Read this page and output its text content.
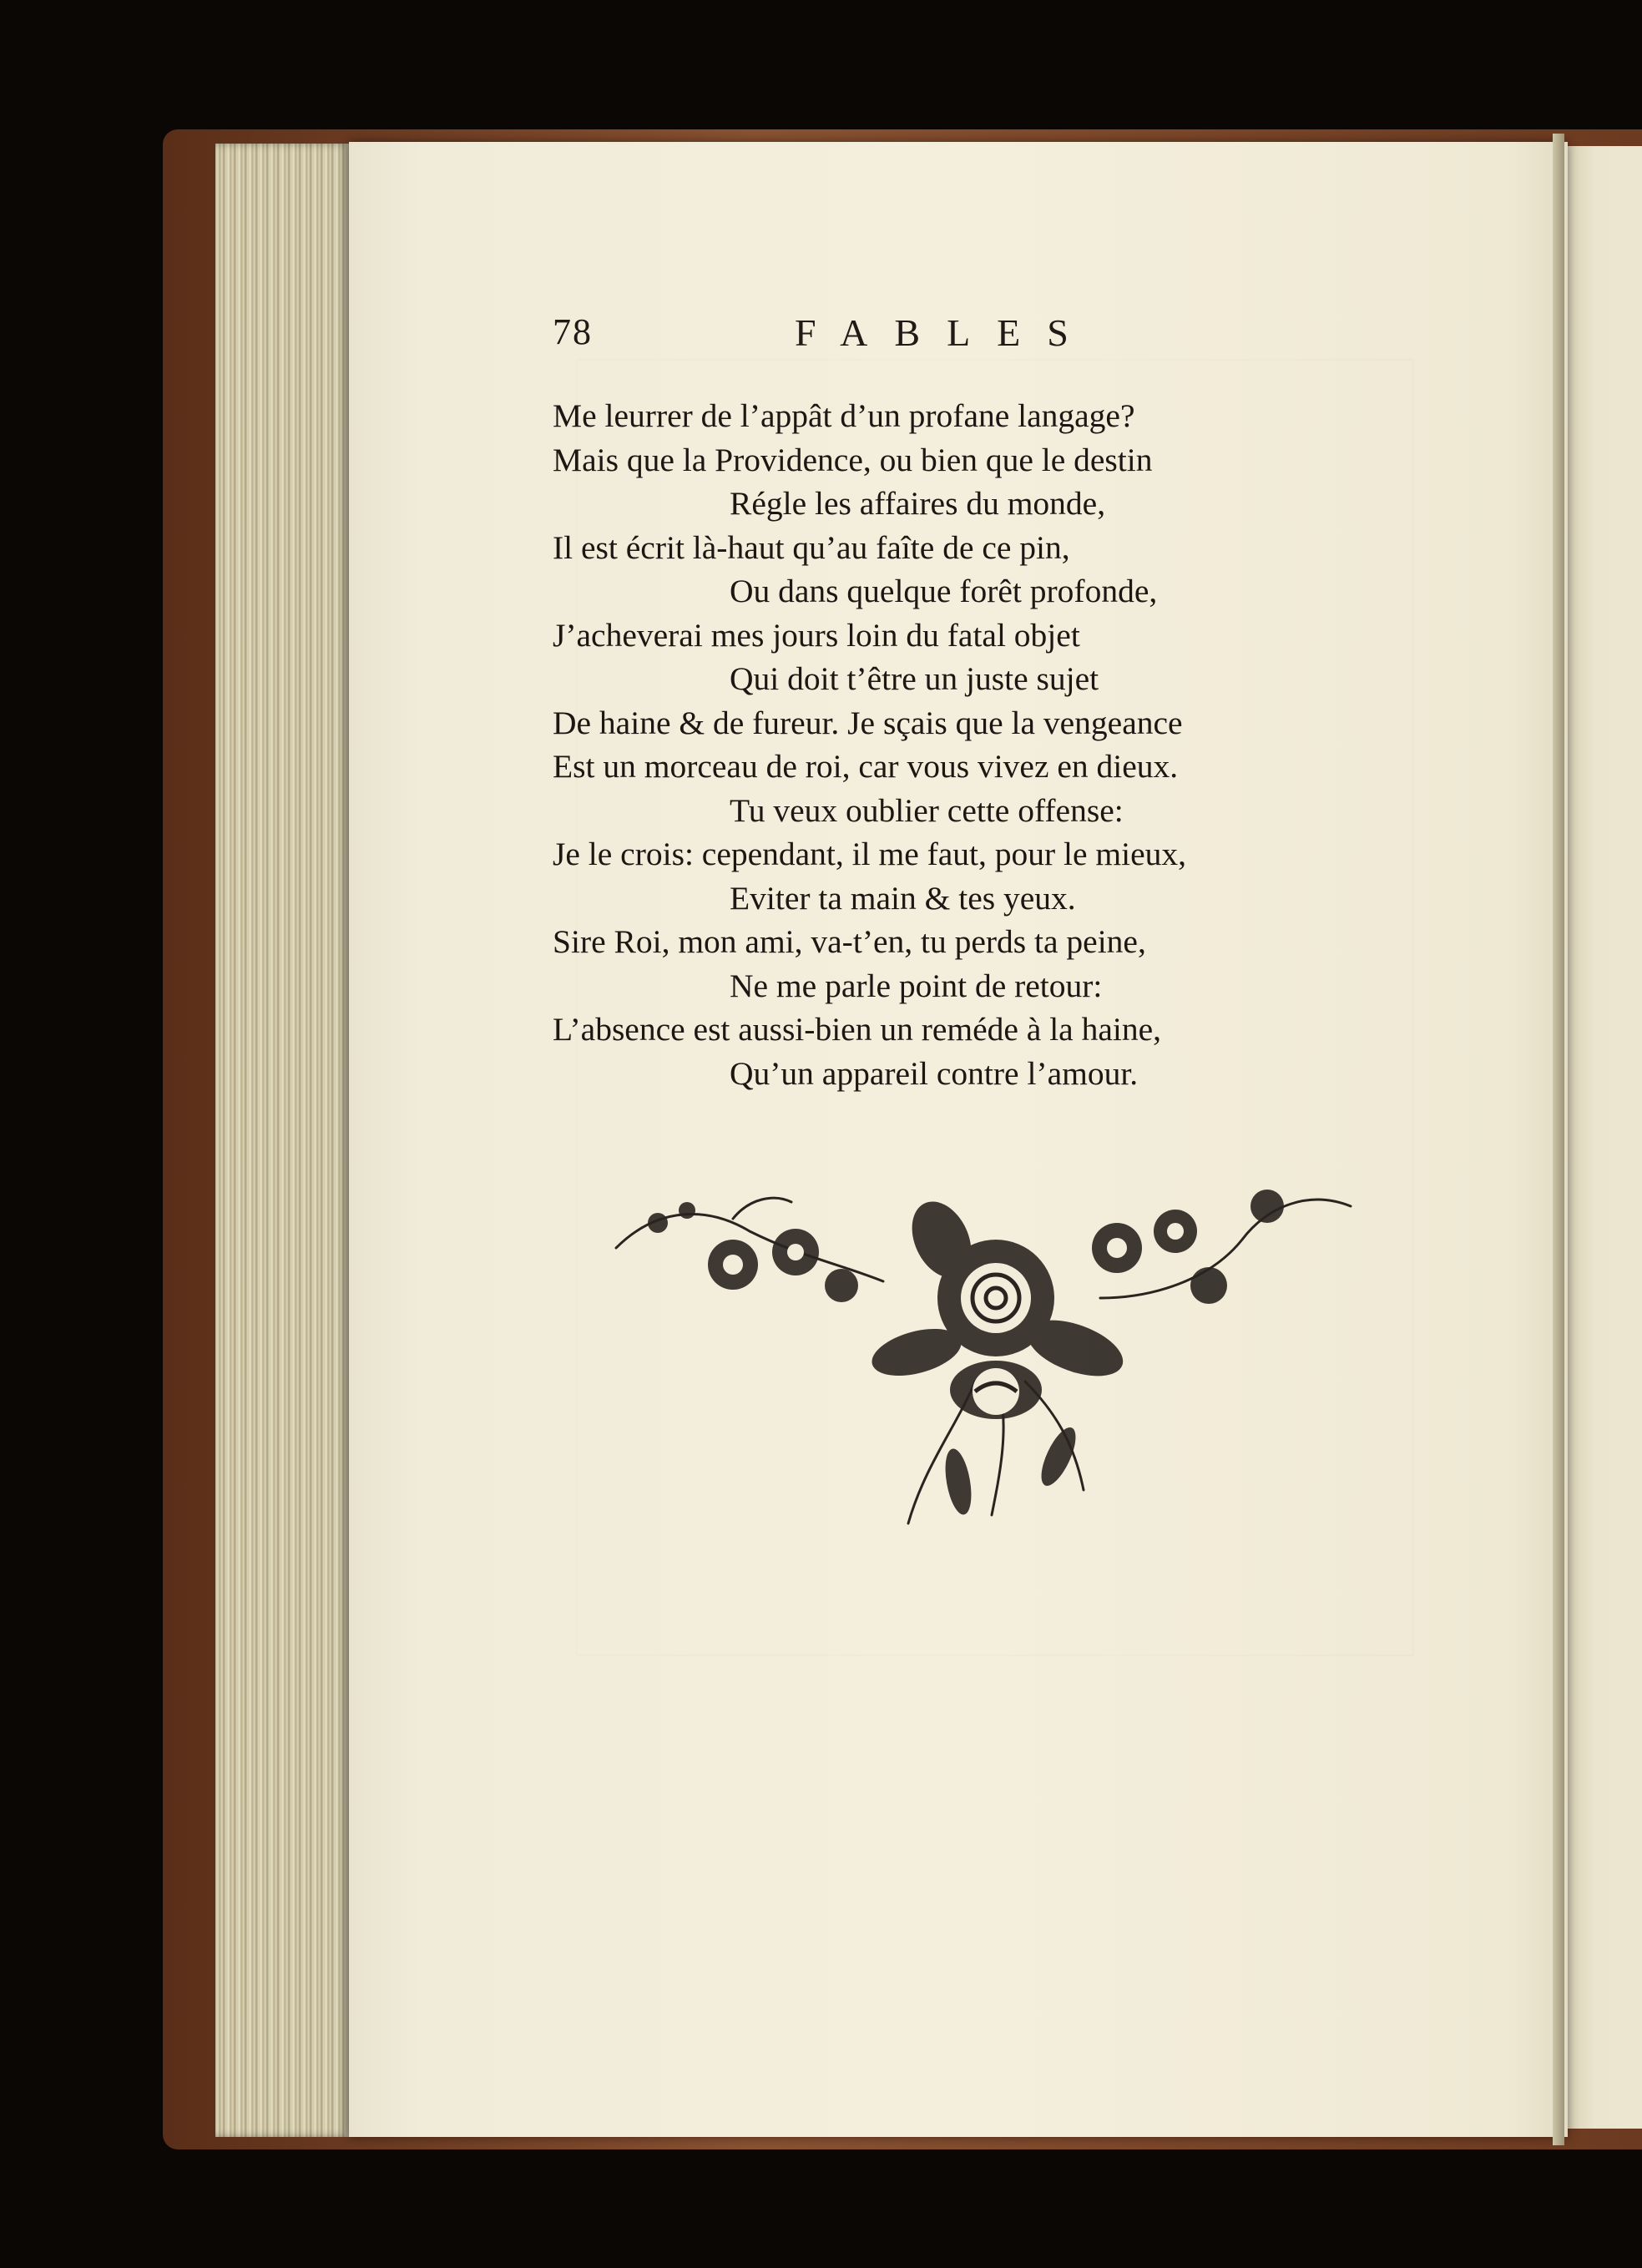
78	FABLES
Me leurrer de l’appât d’un profane langage?
Mais que la Providence, ou bien que le destin
Régle les affaires du monde,
Il est écrit là-haut qu’au faîte de ce pin,
Ou dans quelque forêt profonde,
J’acheverai mes jours loin du fatal objet
Qui doit t’être un juste sujet
De haine & de fureur. Je sçais que la vengeance
Est un morceau de roi, car vous vivez en dieux.
Tu veux oublier cette offense:
Je le crois: cependant, il me faut, pour le mieux,
Eviter ta main & tes yeux.
Sire Roi, mon ami, va-t’en, tu perds ta peine,
Ne me parle point de retour:
L’absence est aussi-bien un reméde à la haine,
Qu’un appareil contre l’amour.
